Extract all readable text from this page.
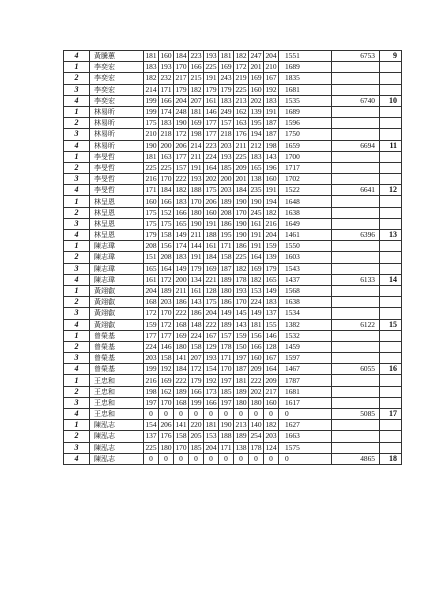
4	黃騰蕙	181	160	184	223	193	181	182	247	204	1551	6753	9
1	李奕宏	183	193	170	166	225	169	172	201	210	1689		
2	李奕宏	182	232	217	215	191	243	219	169	167	1835		
3	李奕宏	214	171	179	182	179	179	225	160	192	1681		
4	李奕宏	199	166	204	207	161	183	213	202	183	1535	6740	10
1	林易昕	199	174	248	181	146	249	162	139	191	1689		
2	林易昕	175	183	190	169	177	157	163	195	187	1596		
3	林易昕	210	218	172	198	177	218	176	194	187	1750		
4	林易昕	190	200	206	214	223	203	211	212	198	1659	6694	11
1	李旻哲	181	163	177	211	224	193	225	183	143	1700		
2	李旻哲	225	225	157	191	164	185	209	165	196	1717		
3	李旻哲	216	170	222	193	202	200	201	138	160	1702		
4	李旻哲	171	184	182	188	175	203	184	235	191	1522	6641	12
1	林呈恩	160	166	183	170	206	189	190	190	194	1648		
2	林呈恩	175	152	166	180	160	208	170	245	182	1638		
3	林呈恩	175	175	165	190	191	186	190	161	216	1649		
4	林呈恩	179	158	149	211	188	195	190	191	204	1461	6396	13
1	陳志瑋	208	156	174	144	161	171	186	191	159	1550		
2	陳志瑋	151	208	183	191	184	158	225	164	139	1603		
3	陳志瑋	165	164	149	179	169	187	182	169	179	1543		
4	陳志瑋	161	172	200	134	221	189	178	182	165	1437	6133	14
1	黃翊叡	204	189	211	161	128	180	193	153	149	1568		
2	黃翊叡	168	203	186	143	175	186	170	224	183	1638		
3	黃翊叡	172	170	222	186	204	149	145	149	137	1534		
4	黃翊叡	159	172	168	148	222	189	143	181	155	1382	6122	15
1	曾榮基	177	177	169	224	167	157	159	156	146	1532		
2	曾榮基	224	146	180	158	129	178	150	166	128	1459		
3	曾榮基	203	158	141	207	193	171	197	160	167	1597		
4	曾榮基	199	192	184	172	154	170	187	209	164	1467	6055	16
1	王忠和	216	169	222	179	192	197	181	222	209	1787		
2	王忠和	198	162	189	166	173	185	189	202	217	1681		
3	王忠和	197	170	168	199	166	197	180	180	160	1617		
4	王忠和	0	0	0	0	0	0	0	0	0	0	5085	17
1	陳泓志	154	206	141	220	181	190	213	140	182	1627		
2	陳泓志	137	176	158	205	153	188	189	254	203	1663		
3	陳泓志	225	180	170	185	204	171	138	178	124	1575		
4	陳泓志	0	0	0	0	0	0	0	0	0	0	4865	18
